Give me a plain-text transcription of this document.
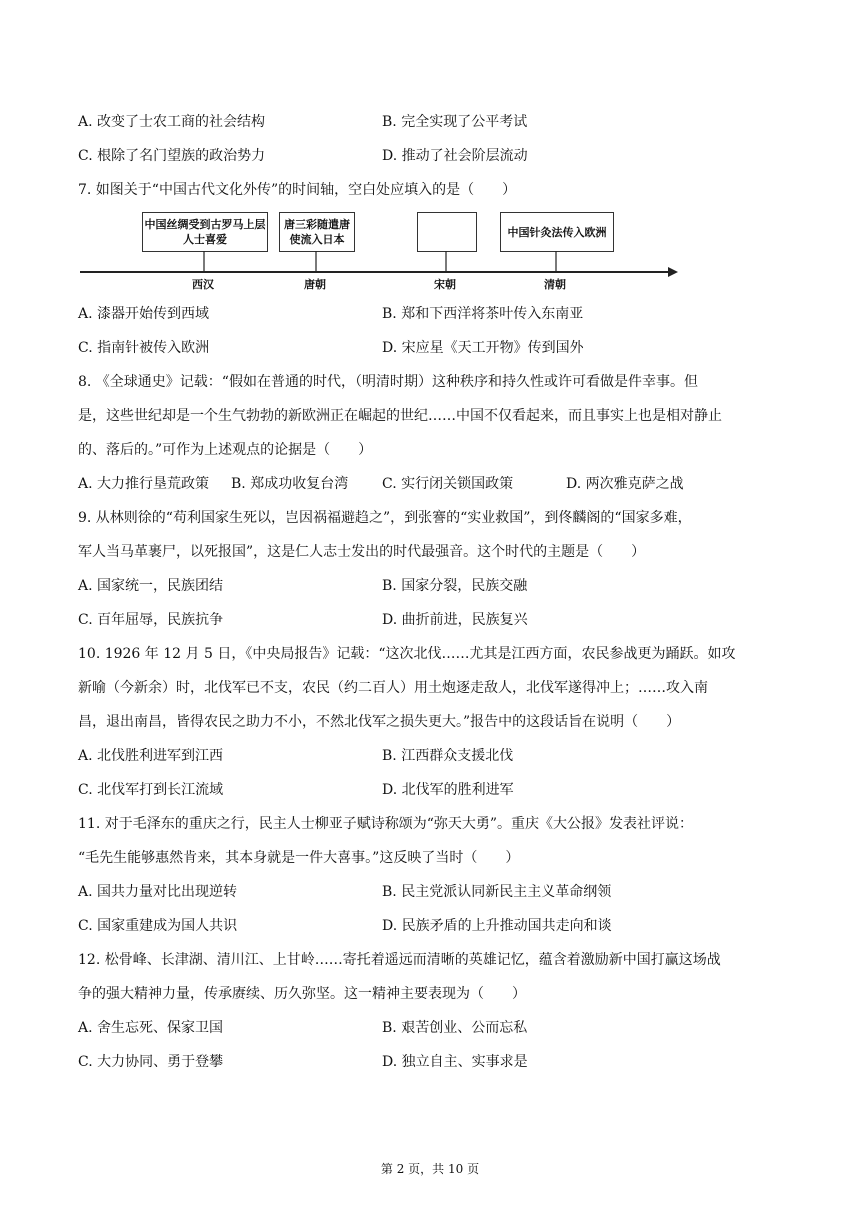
A. 改变了士农工商的社会结构	B. 完全实现了公平考试
C. 根除了名门望族的政治势力	D. 推动了社会阶层流动
7. 如图关于“中国古代文化外传”的时间轴，空白处应填入的是（　　）
中国丝绸受到古罗马上层人士喜爱
唐三彩随遣唐使流入日本
中国针灸法传入欧洲
西汉	唐朝	宋朝	清朝
A. 漆器开始传到西域	B. 郑和下西洋将茶叶传入东南亚
C. 指南针被传入欧洲	D. 宋应星《天工开物》传到国外
8. 《全球通史》记载：“假如在普通的时代，（明清时期）这种秩序和持久性或许可看做是件幸事。但
是，这些世纪却是一个生气勃勃的新欧洲正在崛起的世纪……中国不仅看起来，而且事实上也是相对静止
的、落后的。”可作为上述观点的论据是（　　）
A. 大力推行垦荒政策 B. 郑成功收复台湾 C. 实行闭关锁国政策	D. 两次雅克萨之战
9. 从林则徐的“苟利国家生死以，岂因祸福避趋之”，到张謇的“实业救国”，到佟麟阁的“国家多难，
军人当马革裹尸，以死报国”，这是仁人志士发出的时代最强音。这个时代的主题是（　　）
A. 国家统一，民族团结	B. 国家分裂，民族交融
C. 百年屈辱，民族抗争	D. 曲折前进，民族复兴
10. 1926 年 12 月 5 日，《中央局报告》记载：“这次北伐……尤其是江西方面，农民参战更为踊跃。如攻
新喻（今新余）时，北伐军已不支，农民（约二百人）用土炮逐走敌人，北伐军遂得冲上；……攻入南
昌，退出南昌，皆得农民之助力不小，不然北伐军之损失更大。”报告中的这段话旨在说明（　　）
A. 北伐胜利进军到江西	B. 江西群众支援北伐
C. 北伐军打到长江流域	D. 北伐军的胜利进军
11. 对于毛泽东的重庆之行，民主人士柳亚子赋诗称颂为“弥天大勇”。重庆《大公报》发表社评说：
“毛先生能够惠然肯来，其本身就是一件大喜事。”这反映了当时（　　）
A. 国共力量对比出现逆转	B. 民主党派认同新民主主义革命纲领
C. 国家重建成为国人共识	D. 民族矛盾的上升推动国共走向和谈
12. 松骨峰、长津湖、清川江、上甘岭……寄托着遥远而清晰的英雄记忆，蕴含着激励新中国打赢这场战
争的强大精神力量，传承赓续、历久弥坚。这一精神主要表现为（　　）
A. 舍生忘死、保家卫国	B. 艰苦创业、公而忘私
C. 大力协同、勇于登攀	D. 独立自主、实事求是
第 2 页，共 10 页
